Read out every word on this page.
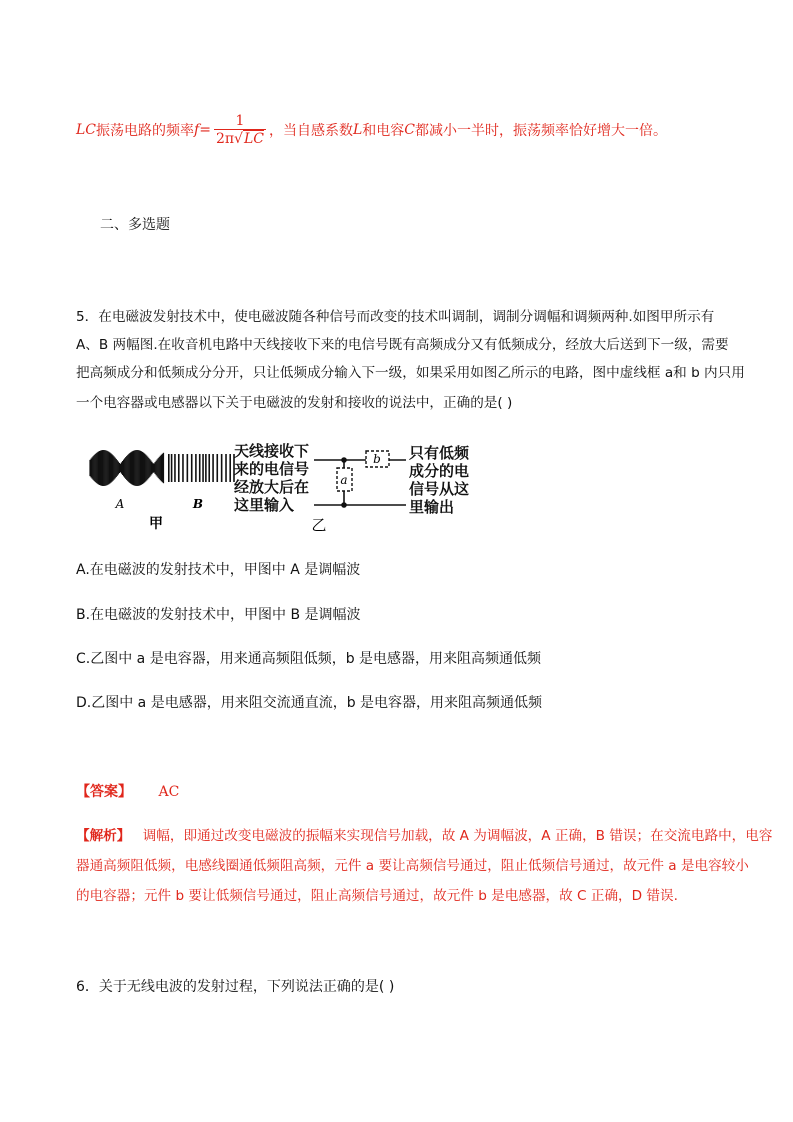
LC 振荡电路的频率 $f = \frac{1}{2\pi√LC}$ ，当自感系数 L 和电容 C 都减小一半时，振荡频率恰好增大一倍。
二、多选题
5．在电磁波发射技术中，使电磁波随各种信号而改变的技术叫调制，调制分调幅和调频两种.如图甲所示有
A、B 两幅图.在收音机电路中天线接收下来的电信号既有高频成分又有低频成分，经放大后送到下一级，需要
把高频成分和低频成分分开，只让低频成分输入下一级，如果采用如图乙所示的电路，图中虚线框 a和 b 内只用
一个电容器或电感器以下关于电磁波的发射和接收的说法中，正确的是( )
a
b
A	B
甲	乙
天线接收下
来的电信号
经放大后在
这里输入
只有低频
成分的电
信号从这
里输出
A.在电磁波的发射技术中，甲图中 A 是调幅波
B.在电磁波的发射技术中，甲图中 B 是调幅波
C.乙图中 a 是电容器，用来通高频阻低频，b 是电感器，用来阻高频通低频
D.乙图中 a 是电感器，用来阻交流通直流，b 是电容器，用来阻高频通低频
【答案】 AC
【解析】 调幅，即通过改变电磁波的振幅来实现信号加载，故 A 为调幅波，A 正确，B 错误；在交流电路中，电容
器通高频阻低频，电感线圈通低频阻高频，元件 a 要让高频信号通过，阻止低频信号通过，故元件 a 是电容较小
的电容器；元件 b 要让低频信号通过，阻止高频信号通过，故元件 b 是电感器，故 C 正确，D 错误.
6．关于无线电波的发射过程，下列说法正确的是( )
